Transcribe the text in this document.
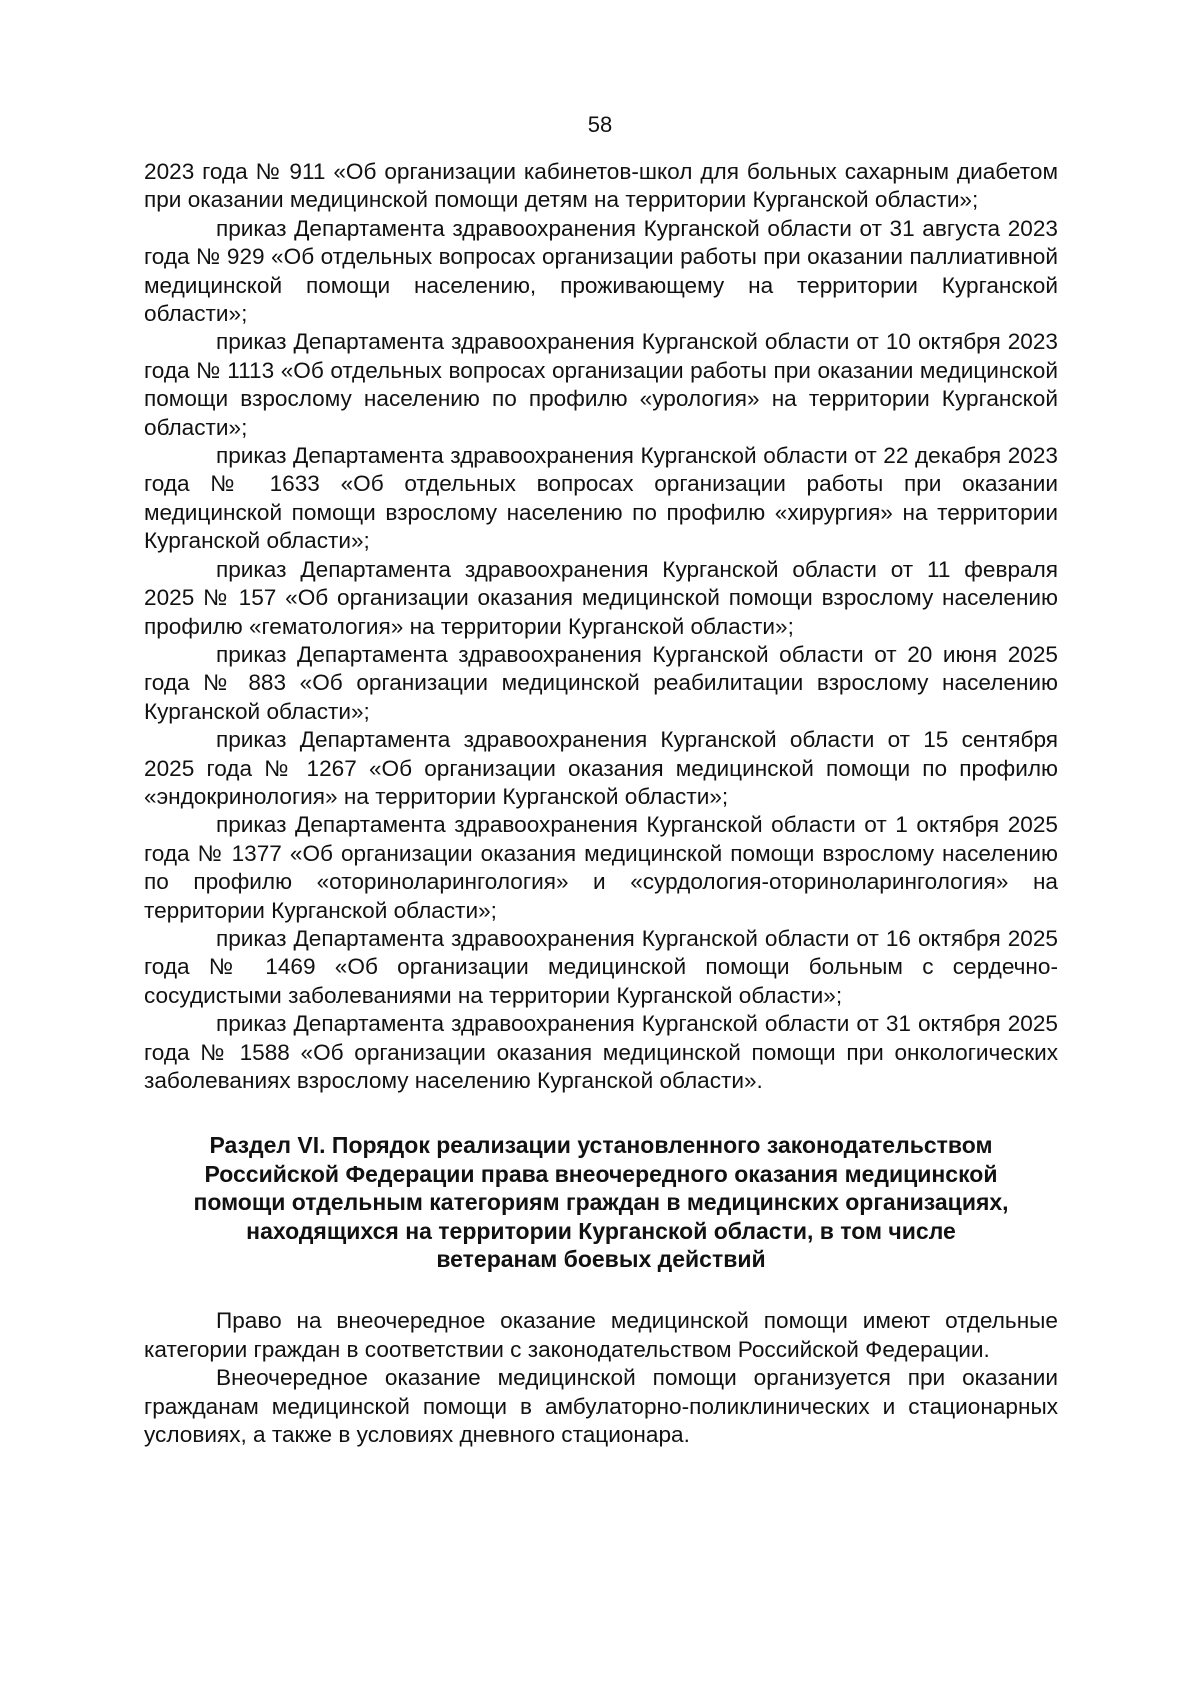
58

2023 года № 911 «Об организации кабинетов-школ для больных сахарным диабетом при оказании медицинской помощи детям на территории Курганской области»;

приказ Департамента здравоохранения Курганской области от 31 августа 2023 года № 929 «Об отдельных вопросах организации работы при оказании паллиативной медицинской помощи населению, проживающему на территории Курганской области»;

приказ Департамента здравоохранения Курганской области от 10 октября 2023 года № 1113 «Об отдельных вопросах организации работы при оказании медицинской помощи взрослому населению по профилю «урология» на территории Курганской области»;

приказ Департамента здравоохранения Курганской области от 22 декабря 2023 года № 1633 «Об отдельных вопросах организации работы при оказании медицинской помощи взрослому населению по профилю «хирургия» на территории Курганской области»;

приказ Департамента здравоохранения Курганской области от 11 февраля 2025 № 157 «Об организации оказания медицинской помощи взрослому населению профилю «гематология» на территории Курганской области»;

приказ Департамента здравоохранения Курганской области от 20 июня 2025 года № 883 «Об организации медицинской реабилитации взрослому населению Курганской области»;

приказ Департамента здравоохранения Курганской области от 15 сентября 2025 года № 1267 «Об организации оказания медицинской помощи по профилю «эндокринология» на территории Курганской области»;

приказ Департамента здравоохранения Курганской области от 1 октября 2025 года № 1377 «Об организации оказания медицинской помощи взрослому населению по профилю «оториноларингология» и «сурдология-оториноларингология» на территории Курганской области»;

приказ Департамента здравоохранения Курганской области от 16 октября 2025 года № 1469 «Об организации медицинской помощи больным с сердечно-сосудистыми заболеваниями на территории Курганской области»;

приказ Департамента здравоохранения Курганской области от 31 октября 2025 года № 1588 «Об организации оказания медицинской помощи при онкологических заболеваниях взрослому населению Курганской области».

Раздел VI. Порядок реализации установленного законодательством
Российской Федерации права внеочередного оказания медицинской
помощи отдельным категориям граждан в медицинских организациях,
находящихся на территории Курганской области, в том числе
ветеранам боевых действий

Право на внеочередное оказание медицинской помощи имеют отдельные категории граждан в соответствии с законодательством Российской Федерации.

Внеочередное оказание медицинской помощи организуется при оказании гражданам медицинской помощи в амбулаторно-поликлинических и стационарных условиях, а также в условиях дневного стационара.
